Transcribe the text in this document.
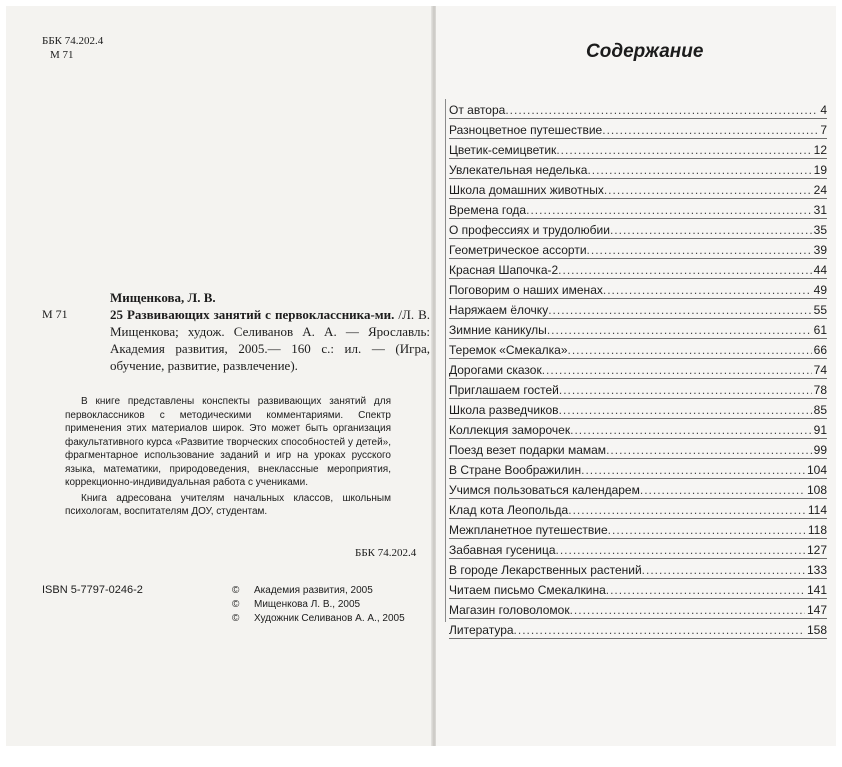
ББК 74.202.4
М 71
М 71
Мищенкова, Л. В.
25 Развивающих занятий с первоклассника-ми. /Л. В. Мищенкова; худож. Селиванов А. А. — Ярославль: Академия развития, 2005.— 160 с.: ил. — (Игра, обучение, развитие, развлечение).

В книге представлены конспекты развивающих занятий для первоклассников с методическими комментариями. Спектр применения этих материалов широк. Это может быть организация факультативного курса «Развитие творческих способностей у детей», фрагментарное использование заданий и игр на уроках русского языка, математики, природоведения, внеклассные мероприятия, коррекционно-индивидуальная работа с учениками.

Книга адресована учителям начальных классов, школьным психологам, воспитателям ДОУ, студентам.

ББК 74.202.4
ISBN 5-7797-0246-2	© Академия развития, 2005
© Мищенкова Л. В., 2005
© Художник Селиванов А. А., 2005
Содержание
От автора .....	4
Разноцветное путешествие .....	7
Цветик-семицветик .....	12
Увлекательная неделька .....	19
Школа домашних животных .....	24
Времена года .....	31
О профессиях и трудолюбии .....	35
Геометрическое ассорти .....	39
Красная Шапочка-2 .....	44
Поговорим о наших именах .....	49
Наряжаем ёлочку .....	55
Зимние каникулы .....	61
Теремок «Смекалка» .....	66
Дорогами сказок .....	74
Приглашаем гостей .....	78
Школа разведчиков .....	85
Коллекция заморочек .....	91
Поезд везет подарки мамам .....	99
В Стране Воображилин .....	104
Учимся пользоваться календарем .....	108
Клад кота Леопольда .....	114
Межпланетное путешествие .....	118
Забавная гусеница .....	127
В городе Лекарственных растений .....	133
Читаем письмо Смекалкина .....	141
Магазин головоломок .....	147
Литература .....	158
